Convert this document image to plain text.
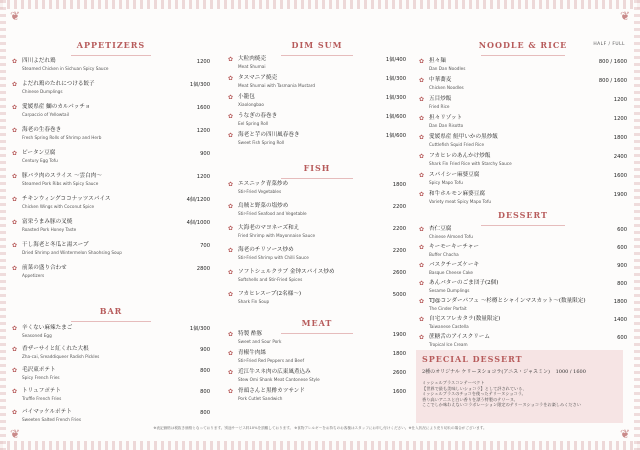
❦	❦
❦	❦
APPETIZERS
✿ 四川よだれ鶏
Steamed Chicken in Sichuan Spicy Sauce
1200
✿ よだれ鶏のたれにつける餃子
Chinese Dumplings
1個/300
✿ 愛媛県産 鰤のカルパッチョ
Carpaccio of Yellowtail
1600
✿ 海老の生春巻き
Fresh Spring Rolls of Shrimp and Herb
1200
✿ ピータン豆腐
Century Egg Tofu
900
✿ 豚バラ肉のスライス 〜雲白肉〜
Steamed Pork Ribs with Spicy Sauce
1200
✿ チキンウィングココナッツスパイス
Chicken Wings with Coconut Spice
4個/1200
✿ 富栄うまみ豚の叉焼
Roasted Pork Honey Taste
4個/1000
✿ 干し海老と冬瓜と湯スープ
Dried Shrimp and Wintermelon Shaohsing Soup
700
✿ 前菜の盛り合わせ
Appetizers
2800
BAR
✿ 辛くない麻辣たまご
Seasoned Egg
1個/300
✿ 香ザーサイと紅くれた大根
Zha-cai, Sreaddiqueer Radish Pickles
900
✿ 毛沢東ポテト
Spicy French Fries
800
✿ トリュフポテト
Truffle French Fries
800
✿ パイマッケルポテト
Sweeten Salted French Fries
800
DIM SUM
✿ 大粒肉焼売
Meat Shumai
1個/400
✿ タスマニア焼売
Meat Shumai with Tasmania Mustard
1個/300
✿ 小籠包
Xiaolongbao
1個/300
✿ うなぎの春巻き
Eel Spring Roll
1個/600
✿ 海老と芋の四川風春巻き
Sweet Fish Spring Roll
1個/600
FISH
✿ エスニック青菜炒め
Stir-Fried Vegetables
1800
✿ 烏賊と野菜の塩炒め
Stir-Fried Seafood and Vegetable
2200
✿ 大海老のマヨネーズ和え
Fried Shrimp with Mayonnaise Sauce
2200
✿ 海老のチリソース炒め
Stir-Fried Shrimp with Chilli Sauce
2200
✿ ソフトシェルクラブ 金钟スパイス炒め
Softshells and Stir-Fried Spices
2600
✿ フカヒレスープ(2名様〜)
Shark Fin Soup
5000
MEAT
✿ 特製 酢豚
Sweet and Sour Pork
1900
✿ 青椒牛肉絲
Stir-Fried Red Peppers and Beef
1800
✿ 近江牛スネ肉の広東風煮込み
Stew Omi Shank Meat Cantonese Style
2600
✿ 骨頭さんと黒酢カツサンド
Pork Cutlet Sandwich
1600
NOODLE & RICE	HALF / FULL
✿ 担々麺
Dan Dan Noodles
800 / 1600
✿ 中華蕎麦
Chicken Noodles
800 / 1600
✿ 五目炒飯
Fried Rice
1200
✿ 担々リゾット
Dan Dan Risotto
1200
✿ 愛媛県産 鮭甲いかの黒炒飯
Cuttlefish Squid Fried Rice
1800
✿ フカヒレのあんかけ炒飯
Shark Fin Fried Rice with Starchy Sauce
2400
✿ スパイシー麻婆豆腐
Spicy Mapo Tofu
1600
✿ 和牛ホルモン麻婆豆腐
Variety meat Spicy Mapo Tofu
1900
DESSERT
✿ 杏仁豆腐
Chinese Almond Tofu
600
✿ キーモーキーチャー
Buffer Chacha
600
✿ バスクチーズケーキ
Basque Cheese Cake
900
✿ あんバターのごま団子(2個)
Sesame Dumplings
800
✿ TJ@コンダーパフェ 〜杉樽とシャインマスカット〜(数量限定)
The Cinder Parfait
1800
✿ 自宅スフレカタラ(数量限定)
Taiwanese Castella
1400
✿ 蔗糖舌のアイスクリーム
Tropical Ice Cream
600
SPECIAL DESSERT
2種のオリジナル ケリーヌショコラ(アニス・ジャスミン) 1000 / 1600
ミッシェルブラスコンテーベクト
【世界で最も美味しいショコラ】として評されている、
ミッシェルブラスのチョコを使ったテリーヌショコラ。
香り高いアニスと白い香りを漂う特製のテリーヌ。
ここでしか味わえないコラボレーション限定のテリーヌショコラをお楽しみください
※表記価格は税抜き価格となっております。別途サービス料10%を頂戴しております。 ※食物アレルギーをお持ちのお客様はスタッフにお申し付けください。※仕入状況により売り切れの場合がございます。
